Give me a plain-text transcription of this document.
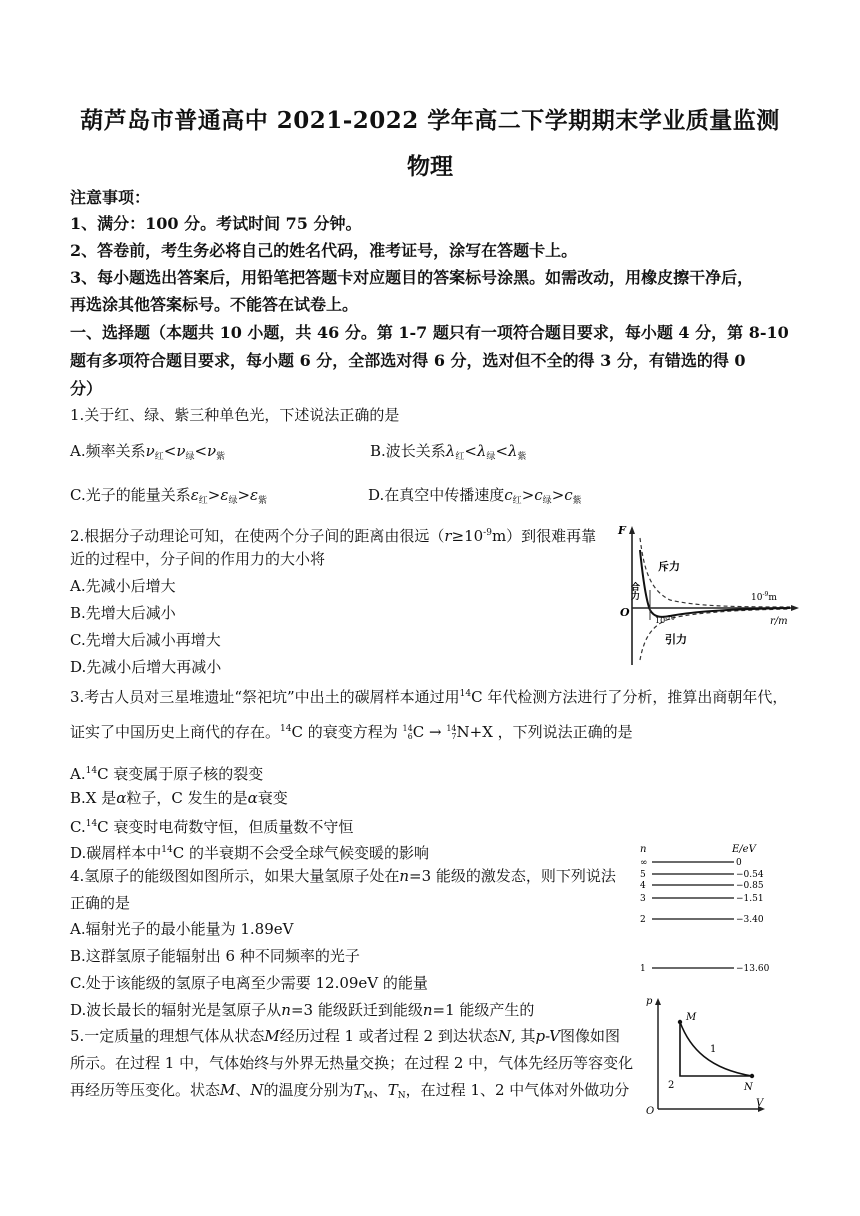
葫芦岛市普通高中 2021-2022 学年高二下学期期末学业质量监测
物理
注意事项：
1、满分：100 分。考试时间 75 分钟。
2、答卷前，考生务必将自己的姓名代码，准考证号，涂写在答题卡上。
3、每小题选出答案后，用铅笔把答题卡对应题目的答案标号涂黑。如需改动，用橡皮擦干净后，
再选涂其他答案标号。不能答在试卷上。
一、选择题（本题共 10 小题，共 46 分。第 1-7 题只有一项符合题目要求，每小题 4 分，第 8-10
题有多项符合题目要求，每小题 6 分，全部选对得 6 分，选对但不全的得 3 分，有错选的得 0
分）
1.关于红、绿、紫三种单色光，下述说法正确的是
A.频率关系$\nu_红<\nu_绿<\nu_紫$	B.波长关系$\lambda_红<\lambda_绿<\lambda_紫$
C.光子的能量关系$\varepsilon_红>\varepsilon_绿>\varepsilon_紫$	D.在真空中传播速度$c_红>c_绿>c_紫$
2.根据分子动理论可知，在使两个分子间的距离由很远$(r\ge 10^{-9}m)$到很难再靠
近的过程中，分子间的作用力的大小将
A.先减小后增大
B.先增大后减小
C.先增大后减小再增大
D.先减小后增大再减小
F
O
斥力
引力
合力
r/m
$10^{-9}m$
$10^{-10}$
3.考古人员对三星堆遗址“祭祀坑”中出土的碳屑样本通过用$^{14}$C 年代检测方法进行了分析，推算出商朝年代，
证实了中国历史上商代的存在。$^{14}$C 的衰变方程为 14
6C → 14
7N+X ，下列说法正确的是
A.$^{14}$C 衰变属于原子核的裂变
B.X 是α粒子，C 发生的是α衰变
C.$^{14}$C 衰变时电荷数守恒，但质量数不守恒
D.碳屑样本中$^{14}$C 的半衰期不会受全球气候变暖的影响
4.氢原子的能级图如图所示，如果大量氢原子处在n=3 能级的激发态，则下列说法
正确的是
A.辐射光子的最小能量为 1.89eV
B.这群氢原子能辐射出 6 种不同频率的光子
C.处于该能级的氢原子电离至少需要 12.09eV 的能量
D.波长最长的辐射光是氢原子从n=3 能级跃迁到能级n=1 能级产生的
n	E/eV
∞	0
5	−0.54
4	−0.85
3	−1.51
2	−3.40
1	−13.60
5.一定质量的理想气体从状态M经历过程 1 或者过程 2 到达状态N, 其p-V图像如图
所示。在过程 1 中，气体始终与外界无热量交换；在过程 2 中，气体先经历等容变化
再经历等压变化。状态M、N的温度分别为$T_M$、$T_N$，在过程 1、2 中气体对外做功分
p
V
O
M
N
1
2
